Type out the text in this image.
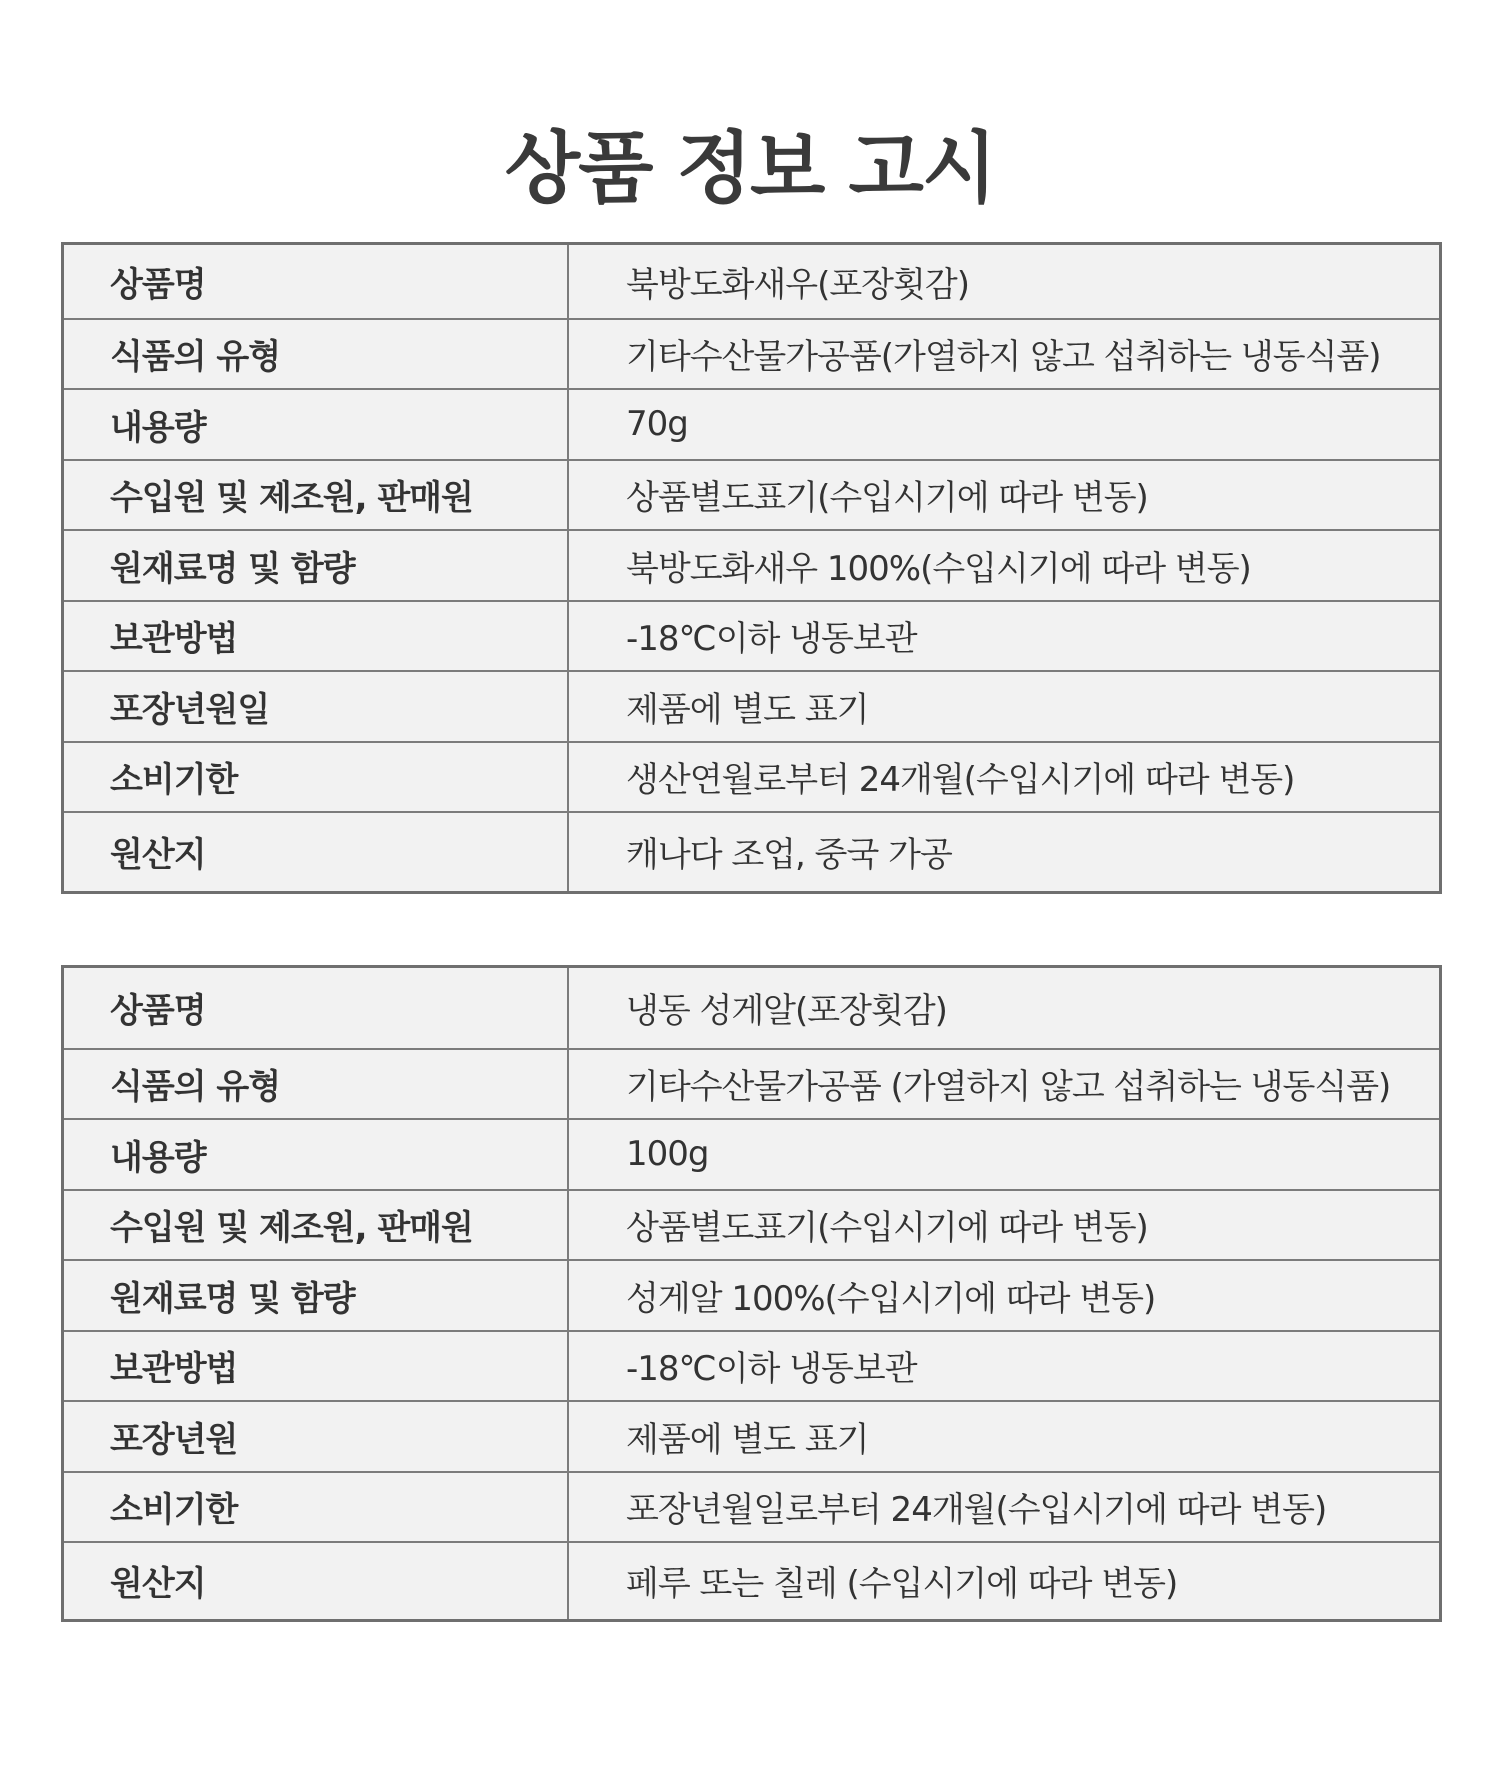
상품 정보 고시
상품명	북방도화새우(포장횟감)
식품의 유형	기타수산물가공품(가열하지 않고 섭취하는 냉동식품)
내용량	70g
수입원 및 제조원, 판매원	상품별도표기(수입시기에 따라 변동)
원재료명 및 함량	북방도화새우 100%(수입시기에 따라 변동)
보관방법	-18℃이하 냉동보관
포장년원일	제품에 별도 표기
소비기한	생산연월로부터 24개월(수입시기에 따라 변동)
원산지	캐나다 조업, 중국 가공
상품명	냉동 성게알(포장횟감)
식품의 유형	기타수산물가공품 (가열하지 않고 섭취하는 냉동식품)
내용량	100g
수입원 및 제조원, 판매원	상품별도표기(수입시기에 따라 변동)
원재료명 및 함량	성게알 100%(수입시기에 따라 변동)
보관방법	-18℃이하 냉동보관
포장년원	제품에 별도 표기
소비기한	포장년월일로부터 24개월(수입시기에 따라 변동)
원산지	페루 또는 칠레 (수입시기에 따라 변동)
